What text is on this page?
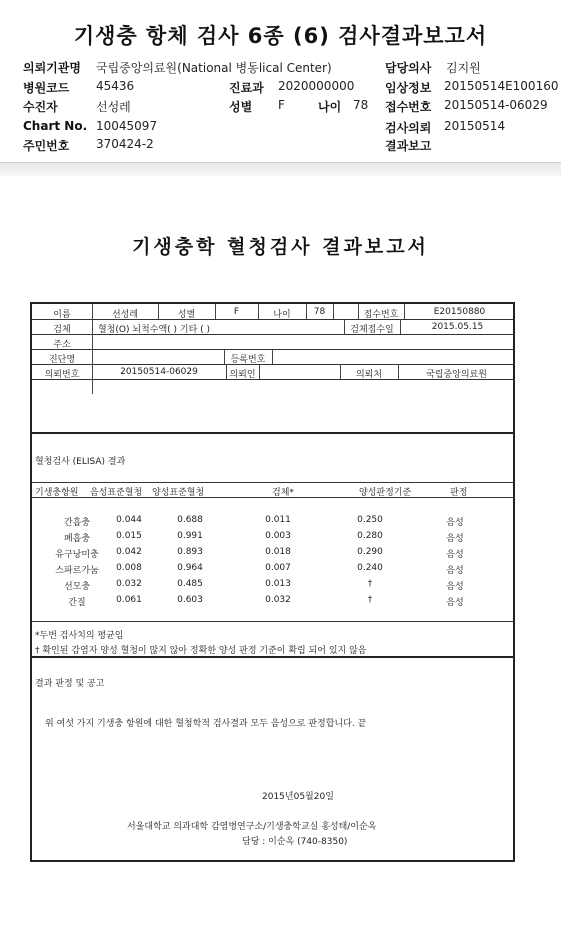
기생충 항체 검사 6종 (6) 검사결과보고서
의뢰기관명 국립중앙의료원(National 병동lical Center)	담당의사 김지원
병원코드 45436	진료과 2020000000	임상정보 20150514E100160
수진자	선성레	성별 F	나이 78 접수번호 20150514-06029
Chart No. 10045097	검사의뢰 20150514
주민번호 370424-2	결과보고
기생충학 혈청검사 결과보고서
이름	선성레	성별	F	나이	78	접수번호	E20150880
검체	혈청(O) 뇌척수액( ) 기타 ( )	검체접수일	2015.05.15
주소
진단명	등록번호
의뢰번호	20150514-06029	의뢰인	의뢰처	국립중앙의료원
혈청검사 (ELISA) 결과
기생충항원 음성표준혈청 양성표준혈청	검체*	양성판정기준	판정
간흡충	0.044	0.688	0.011	0.250	음성
폐흡충	0.015	0.991	0.003	0.280	음성
유구낭미충	0.042	0.893	0.018	0.290	음성
스파르가눔	0.008	0.964	0.007	0.240	음성
선모충	0.032	0.485	0.013	†	음성
간질	0.061	0.603	0.032	†	음성
*두번 검사치의 평균임
† 확인된 감염자 양성 혈청이 많지 않아 정확한 양성 판정 기준이 확립 되어 있지 않음
결과 판정 및 공고
위 여섯 가지 기생충 항원에 대한 혈청학적 검사결과 모두 음성으로 판정합니다. 끝
2015년05월20일
서울대학교 의과대학 감염병연구소/기생충학교실 홍성태/이순옥
담당 : 이순옥 (740-8350)
